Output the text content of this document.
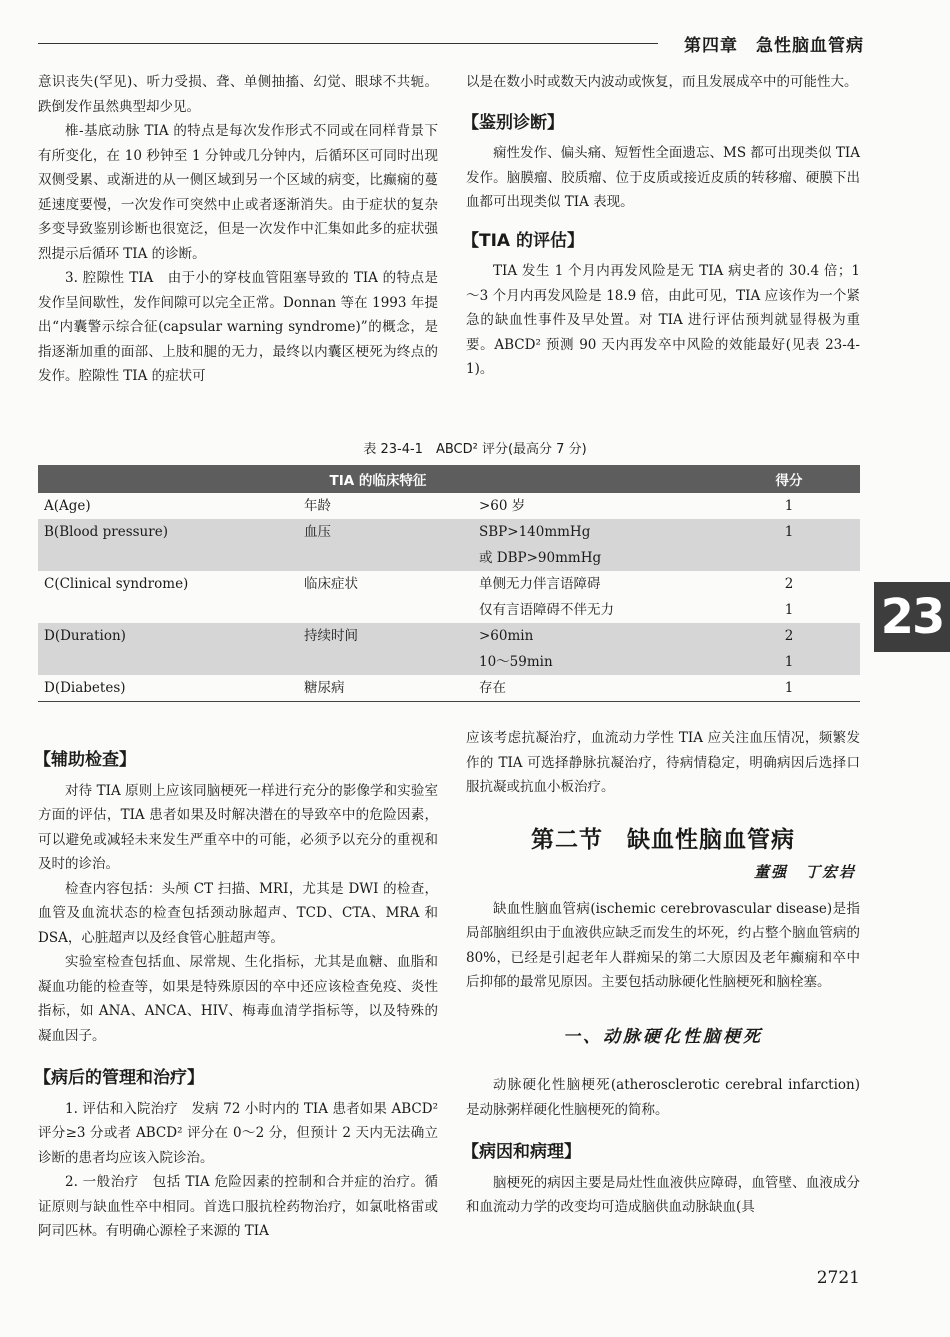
第四章　急性脑血管病

意识丧失(罕见)、听力受损、聋、单侧抽搐、幻觉、眼球不共轭。跌倒发作虽然典型却少见。

椎-基底动脉 TIA 的特点是每次发作形式不同或在同样背景下有所变化，在 10 秒钟至 1 分钟或几分钟内，后循环区可同时出现双侧受累、或渐进的从一侧区域到另一个区域的病变，比癫痫的蔓延速度要慢，一次发作可突然中止或者逐渐消失。由于症状的复杂多变导致鉴别诊断也很宽泛，但是一次发作中汇集如此多的症状强烈提示后循环 TIA 的诊断。

3. 腔隙性 TIA　由于小的穿枝血管阻塞导致的 TIA 的特点是发作呈间歇性，发作间隙可以完全正常。Donnan 等在 1993 年提出“内囊警示综合征(capsular warning syndrome)”的概念，是指逐渐加重的面部、上肢和腿的无力，最终以内囊区梗死为终点的发作。腔隙性 TIA 的症状可

以是在数小时或数天内波动或恢复，而且发展成卒中的可能性大。

【鉴别诊断】

痫性发作、偏头痛、短暂性全面遗忘、MS 都可出现类似 TIA 发作。脑膜瘤、胶质瘤、位于皮质或接近皮质的转移瘤、硬膜下出血都可出现类似 TIA 表现。

【TIA 的评估】

TIA 发生 1 个月内再发风险是无 TIA 病史者的 30.4 倍；1～3 个月内再发风险是 18.9 倍，由此可见，TIA 应该作为一个紧急的缺血性事件及早处置。对 TIA 进行评估预判就显得极为重要。ABCD² 预测 90 天内再发卒中风险的效能最好(见表 23-4-1)。

表 23-4-1　ABCD² 评分(最高分 7 分)
TIA 的临床特征			得分
A(Age)	年龄	>60 岁	1
B(Blood pressure)	血压	SBP>140mmHg	1
		或 DBP>90mmHg	
C(Clinical syndrome)	临床症状	单侧无力伴言语障碍	2
		仅有言语障碍不伴无力	1
D(Duration)	持续时间	>60min	2
		10～59min	1
D(Diabetes)	糖尿病	存在	1
23
【辅助检查】

对待 TIA 原则上应该同脑梗死一样进行充分的影像学和实验室方面的评估，TIA 患者如果及时解决潜在的导致卒中的危险因素，可以避免或减轻未来发生严重卒中的可能，必须予以充分的重视和及时的诊治。

检查内容包括：头颅 CT 扫描、MRI，尤其是 DWI 的检查，血管及血流状态的检查包括颈动脉超声、TCD、CTA、MRA 和 DSA，心脏超声以及经食管心脏超声等。

实验室检查包括血、尿常规、生化指标，尤其是血糖、血脂和凝血功能的检查等，如果是特殊原因的卒中还应该检查免疫、炎性指标，如 ANA、ANCA、HIV、梅毒血清学指标等，以及特殊的凝血因子。

【病后的管理和治疗】

1. 评估和入院治疗　发病 72 小时内的 TIA 患者如果 ABCD² 评分≥3 分或者 ABCD² 评分在 0～2 分，但预计 2 天内无法确立诊断的患者均应该入院诊治。

2. 一般治疗　包括 TIA 危险因素的控制和合并症的治疗。循证原则与缺血性卒中相同。首选口服抗栓药物治疗，如氯吡格雷或阿司匹林。有明确心源栓子来源的 TIA

应该考虑抗凝治疗，血流动力学性 TIA 应关注血压情况，频繁发作的 TIA 可选择静脉抗凝治疗，待病情稳定，明确病因后选择口服抗凝或抗血小板治疗。

第二节　缺血性脑血管病
董强　丁宏岩

缺血性脑血管病(ischemic cerebrovascular disease)是指局部脑组织由于血液供应缺乏而发生的坏死，约占整个脑血管病的 80%，已经是引起老年人群痴呆的第二大原因及老年癫痫和卒中后抑郁的最常见原因。主要包括动脉硬化性脑梗死和脑栓塞。

一、动脉硬化性脑梗死

动脉硬化性脑梗死(atherosclerotic cerebral infarction)是动脉粥样硬化性脑梗死的简称。

【病因和病理】

脑梗死的病因主要是局灶性血液供应障碍，血管壁、血液成分和血流动力学的改变均可造成脑供血动脉缺血(具

2721
